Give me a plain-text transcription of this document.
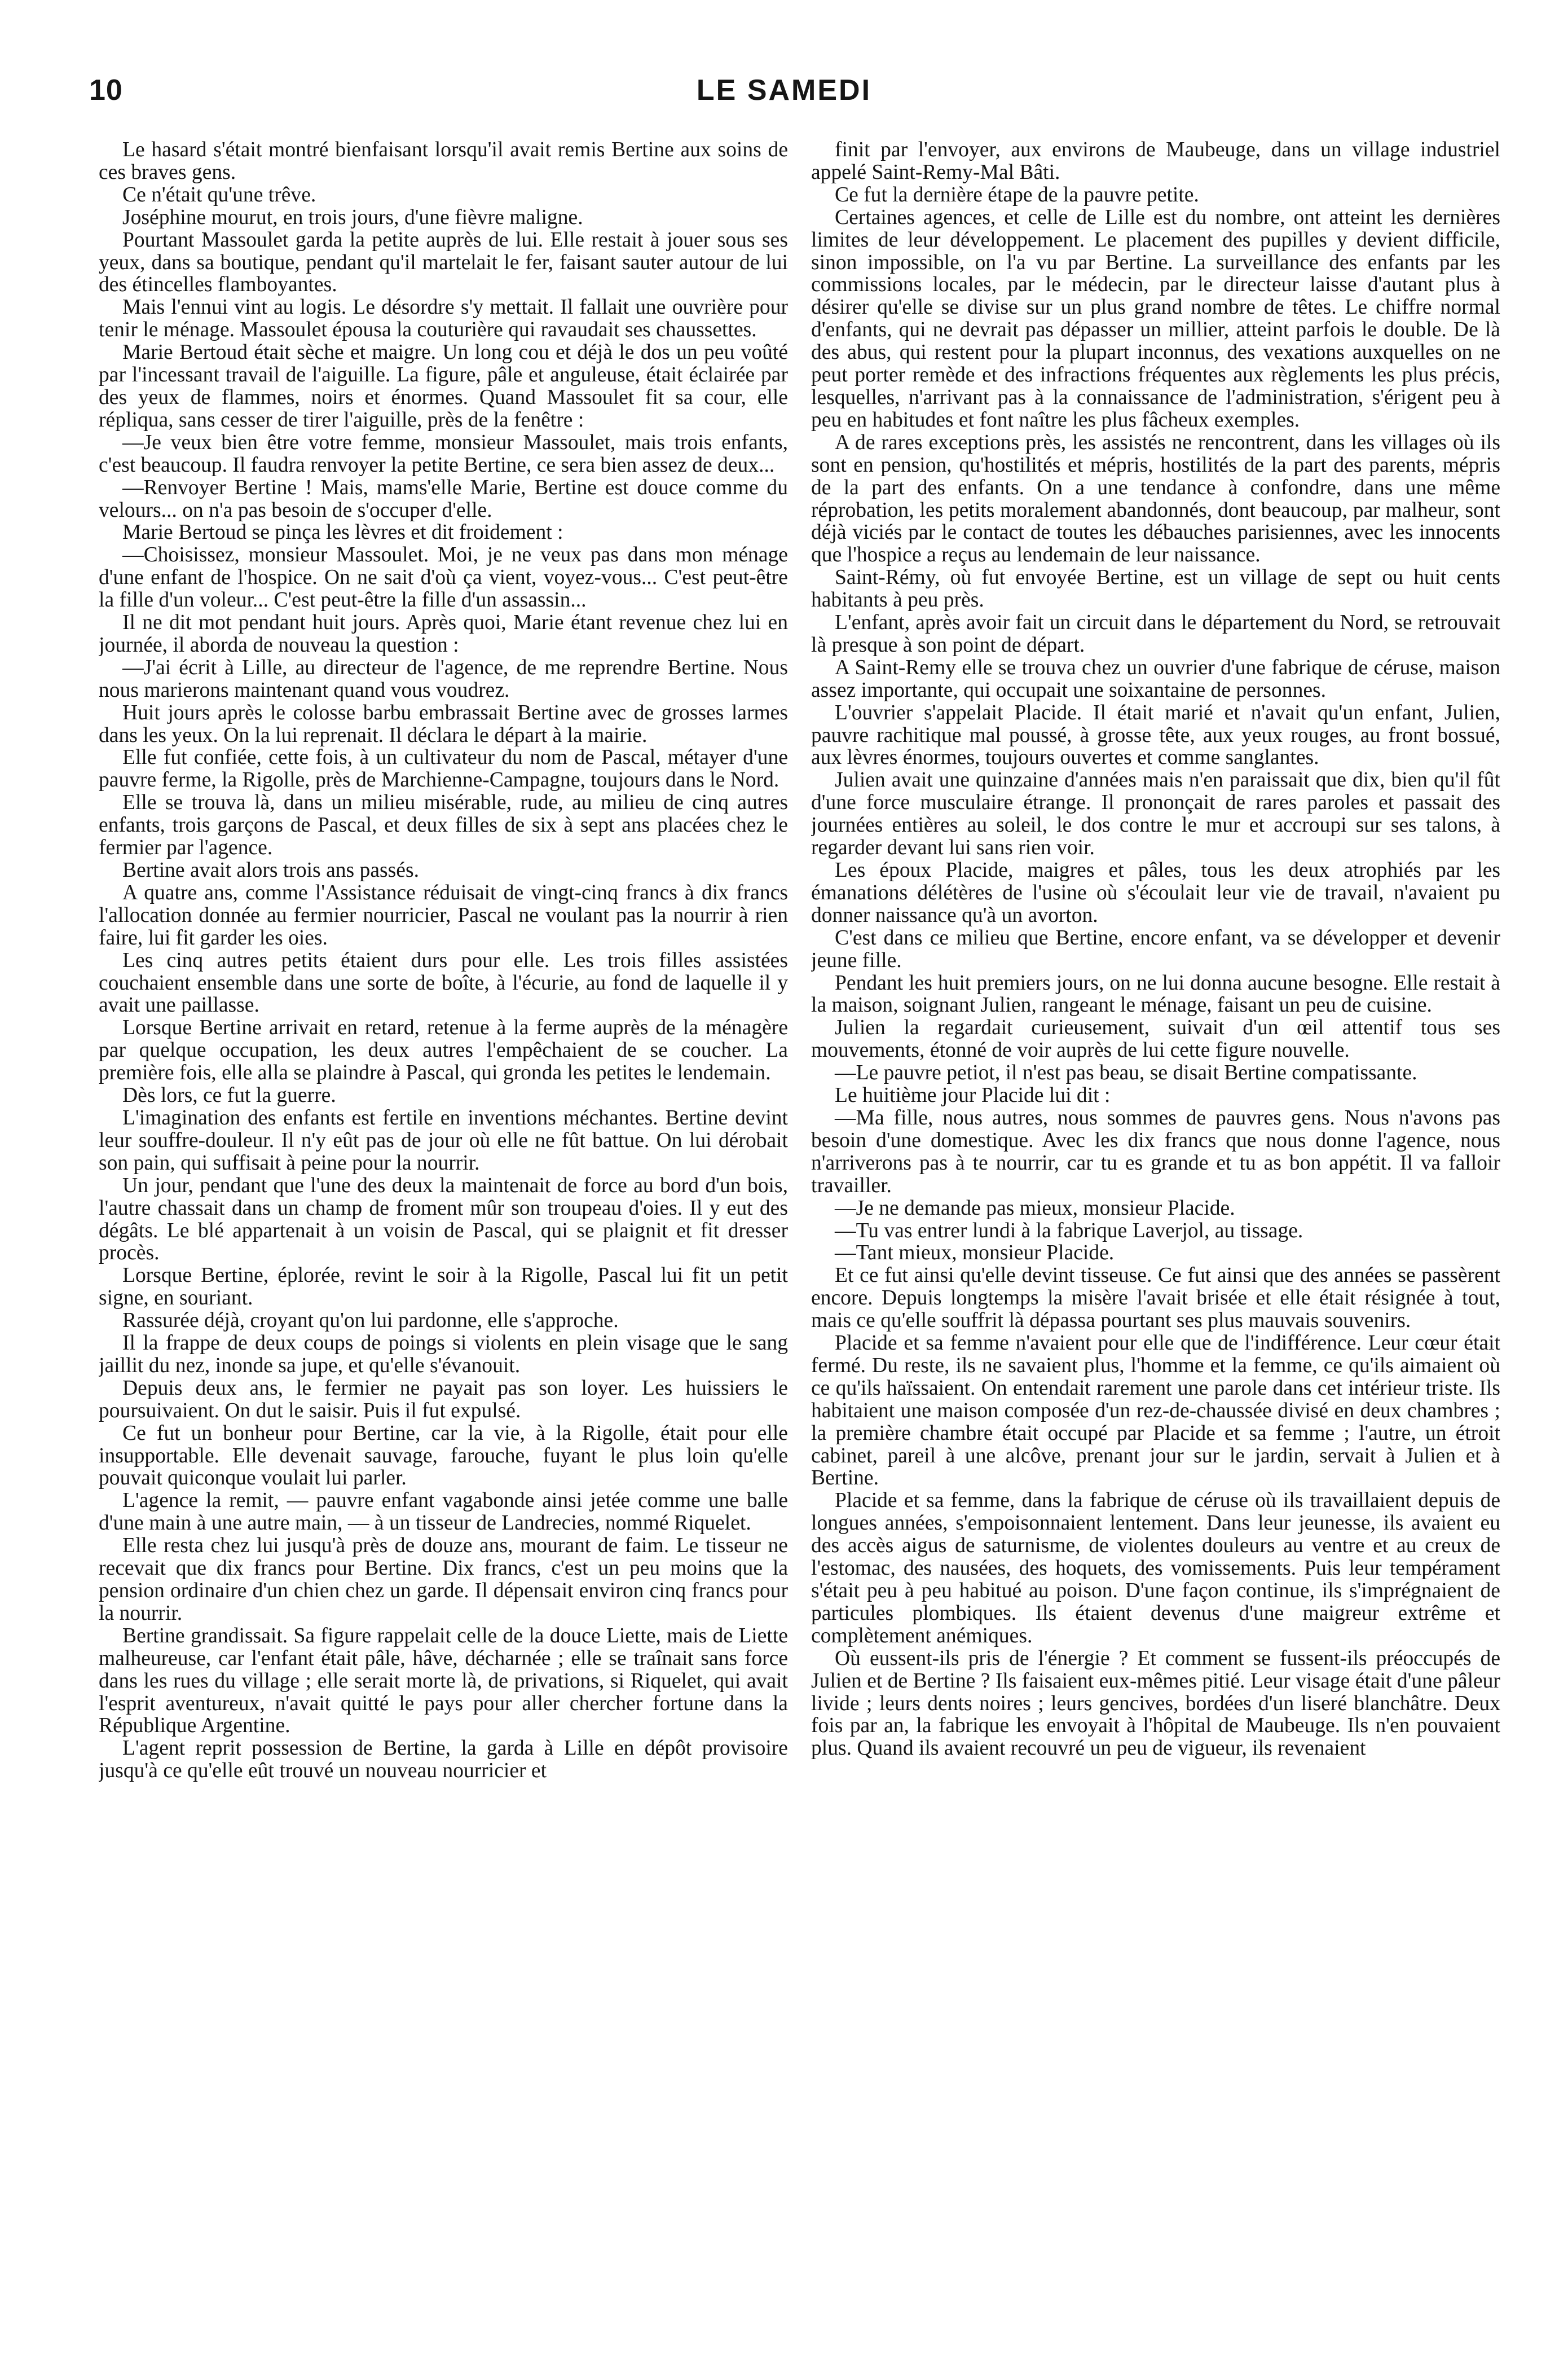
10	LE SAMEDI

Le hasard s'était montré bienfaisant lorsqu'il avait remis Bertine aux soins de ces braves gens.

Ce n'était qu'une trêve.

Joséphine mourut, en trois jours, d'une fièvre maligne.

Pourtant Massoulet garda la petite auprès de lui. Elle restait à jouer sous ses yeux, dans sa boutique, pendant qu'il martelait le fer, faisant sauter autour de lui des étincelles flamboyantes.

Mais l'ennui vint au logis. Le désordre s'y mettait. Il fallait une ouvrière pour tenir le ménage. Massoulet épousa la couturière qui ravaudait ses chaussettes.

Marie Bertoud était sèche et maigre. Un long cou et déjà le dos un peu voûté par l'incessant travail de l'aiguille. La figure, pâle et anguleuse, était éclairée par des yeux de flammes, noirs et énormes. Quand Massoulet fit sa cour, elle répliqua, sans cesser de tirer l'aiguille, près de la fenêtre :

—Je veux bien être votre femme, monsieur Massoulet, mais trois enfants, c'est beaucoup. Il faudra renvoyer la petite Bertine, ce sera bien assez de deux...

—Renvoyer Bertine ! Mais, mams'elle Marie, Bertine est douce comme du velours... on n'a pas besoin de s'occuper d'elle.

Marie Bertoud se pinça les lèvres et dit froidement :

—Choisissez, monsieur Massoulet. Moi, je ne veux pas dans mon ménage d'une enfant de l'hospice. On ne sait d'où ça vient, voyez-vous... C'est peut-être la fille d'un voleur... C'est peut-être la fille d'un assassin...

Il ne dit mot pendant huit jours. Après quoi, Marie étant revenue chez lui en journée, il aborda de nouveau la question :

—J'ai écrit à Lille, au directeur de l'agence, de me reprendre Bertine. Nous nous marierons maintenant quand vous voudrez.

Huit jours après le colosse barbu embrassait Bertine avec de grosses larmes dans les yeux. On la lui reprenait. Il déclara le départ à la mairie.

Elle fut confiée, cette fois, à un cultivateur du nom de Pascal, métayer d'une pauvre ferme, la Rigolle, près de Marchienne-Campagne, toujours dans le Nord.

Elle se trouva là, dans un milieu misérable, rude, au milieu de cinq autres enfants, trois garçons de Pascal, et deux filles de six à sept ans placées chez le fermier par l'agence.

Bertine avait alors trois ans passés.

A quatre ans, comme l'Assistance réduisait de vingt-cinq francs à dix francs l'allocation donnée au fermier nourricier, Pascal ne voulant pas la nourrir à rien faire, lui fit garder les oies.

Les cinq autres petits étaient durs pour elle. Les trois filles assistées couchaient ensemble dans une sorte de boîte, à l'écurie, au fond de laquelle il y avait une paillasse.

Lorsque Bertine arrivait en retard, retenue à la ferme auprès de la ménagère par quelque occupation, les deux autres l'empêchaient de se coucher. La première fois, elle alla se plaindre à Pascal, qui gronda les petites le lendemain.

Dès lors, ce fut la guerre.

L'imagination des enfants est fertile en inventions méchantes. Bertine devint leur souffre-douleur. Il n'y eût pas de jour où elle ne fût battue. On lui dérobait son pain, qui suffisait à peine pour la nourrir.

Un jour, pendant que l'une des deux la maintenait de force au bord d'un bois, l'autre chassait dans un champ de froment mûr son troupeau d'oies. Il y eut des dégâts. Le blé appartenait à un voisin de Pascal, qui se plaignit et fit dresser procès.

Lorsque Bertine, éplorée, revint le soir à la Rigolle, Pascal lui fit un petit signe, en souriant.

Rassurée déjà, croyant qu'on lui pardonne, elle s'approche.

Il la frappe de deux coups de poings si violents en plein visage que le sang jaillit du nez, inonde sa jupe, et qu'elle s'évanouit.

Depuis deux ans, le fermier ne payait pas son loyer. Les huissiers le poursuivaient. On dut le saisir. Puis il fut expulsé.

Ce fut un bonheur pour Bertine, car la vie, à la Rigolle, était pour elle insupportable. Elle devenait sauvage, farouche, fuyant le plus loin qu'elle pouvait quiconque voulait lui parler.

L'agence la remit, — pauvre enfant vagabonde ainsi jetée comme une balle d'une main à une autre main, — à un tisseur de Landrecies, nommé Riquelet.

Elle resta chez lui jusqu'à près de douze ans, mourant de faim. Le tisseur ne recevait que dix francs pour Bertine. Dix francs, c'est un peu moins que la pension ordinaire d'un chien chez un garde. Il dépensait environ cinq francs pour la nourrir.

Bertine grandissait. Sa figure rappelait celle de la douce Liette, mais de Liette malheureuse, car l'enfant était pâle, hâve, décharnée ; elle se traînait sans force dans les rues du village ; elle serait morte là, de privations, si Riquelet, qui avait l'esprit aventureux, n'avait quitté le pays pour aller chercher fortune dans la République Argentine.

L'agent reprit possession de Bertine, la garda à Lille en dépôt provisoire jusqu'à ce qu'elle eût trouvé un nouveau nourricier et

finit par l'envoyer, aux environs de Maubeuge, dans un village industriel appelé Saint-Remy-Mal Bâti.

Ce fut la dernière étape de la pauvre petite.

Certaines agences, et celle de Lille est du nombre, ont atteint les dernières limites de leur développement. Le placement des pupilles y devient difficile, sinon impossible, on l'a vu par Bertine. La surveillance des enfants par les commissions locales, par le médecin, par le directeur laisse d'autant plus à désirer qu'elle se divise sur un plus grand nombre de têtes. Le chiffre normal d'enfants, qui ne devrait pas dépasser un millier, atteint parfois le double. De là des abus, qui restent pour la plupart inconnus, des vexations auxquelles on ne peut porter remède et des infractions fréquentes aux règlements les plus précis, lesquelles, n'arrivant pas à la connaissance de l'administration, s'érigent peu à peu en habitudes et font naître les plus fâcheux exemples.

A de rares exceptions près, les assistés ne rencontrent, dans les villages où ils sont en pension, qu'hostilités et mépris, hostilités de la part des parents, mépris de la part des enfants. On a une tendance à confondre, dans une même réprobation, les petits moralement abandonnés, dont beaucoup, par malheur, sont déjà viciés par le contact de toutes les débauches parisiennes, avec les innocents que l'hospice a reçus au lendemain de leur naissance.

Saint-Rémy, où fut envoyée Bertine, est un village de sept ou huit cents habitants à peu près.

L'enfant, après avoir fait un circuit dans le département du Nord, se retrouvait là presque à son point de départ.

A Saint-Remy elle se trouva chez un ouvrier d'une fabrique de céruse, maison assez importante, qui occupait une soixantaine de personnes.

L'ouvrier s'appelait Placide. Il était marié et n'avait qu'un enfant, Julien, pauvre rachitique mal poussé, à grosse tête, aux yeux rouges, au front bossué, aux lèvres énormes, toujours ouvertes et comme sanglantes.

Julien avait une quinzaine d'années mais n'en paraissait que dix, bien qu'il fût d'une force musculaire étrange. Il prononçait de rares paroles et passait des journées entières au soleil, le dos contre le mur et accroupi sur ses talons, à regarder devant lui sans rien voir.

Les époux Placide, maigres et pâles, tous les deux atrophiés par les émanations délétères de l'usine où s'écoulait leur vie de travail, n'avaient pu donner naissance qu'à un avorton.

C'est dans ce milieu que Bertine, encore enfant, va se développer et devenir jeune fille.

Pendant les huit premiers jours, on ne lui donna aucune besogne. Elle restait à la maison, soignant Julien, rangeant le ménage, faisant un peu de cuisine.

Julien la regardait curieusement, suivait d'un œil attentif tous ses mouvements, étonné de voir auprès de lui cette figure nouvelle.

—Le pauvre petiot, il n'est pas beau, se disait Bertine compatissante.

Le huitième jour Placide lui dit :

—Ma fille, nous autres, nous sommes de pauvres gens. Nous n'avons pas besoin d'une domestique. Avec les dix francs que nous donne l'agence, nous n'arriverons pas à te nourrir, car tu es grande et tu as bon appétit. Il va falloir travailler.

—Je ne demande pas mieux, monsieur Placide.

—Tu vas entrer lundi à la fabrique Laverjol, au tissage.

—Tant mieux, monsieur Placide.

Et ce fut ainsi qu'elle devint tisseuse. Ce fut ainsi que des années se passèrent encore. Depuis longtemps la misère l'avait brisée et elle était résignée à tout, mais ce qu'elle souffrit là dépassa pourtant ses plus mauvais souvenirs.

Placide et sa femme n'avaient pour elle que de l'indifférence. Leur cœur était fermé. Du reste, ils ne savaient plus, l'homme et la femme, ce qu'ils aimaient où ce qu'ils haïssaient. On entendait rarement une parole dans cet intérieur triste. Ils habitaient une maison composée d'un rez-de-chaussée divisé en deux chambres ; la première chambre était occupé par Placide et sa femme ; l'autre, un étroit cabinet, pareil à une alcôve, prenant jour sur le jardin, servait à Julien et à Bertine.

Placide et sa femme, dans la fabrique de céruse où ils travaillaient depuis de longues années, s'empoisonnaient lentement. Dans leur jeunesse, ils avaient eu des accès aigus de saturnisme, de violentes douleurs au ventre et au creux de l'estomac, des nausées, des hoquets, des vomissements. Puis leur tempérament s'était peu à peu habitué au poison. D'une façon continue, ils s'imprégnaient de particules plombiques. Ils étaient devenus d'une maigreur extrême et complètement anémiques.

Où eussent-ils pris de l'énergie ? Et comment se fussent-ils préoccupés de Julien et de Bertine ? Ils faisaient eux-mêmes pitié. Leur visage était d'une pâleur livide ; leurs dents noires ; leurs gencives, bordées d'un liseré blanchâtre. Deux fois par an, la fabrique les envoyait à l'hôpital de Maubeuge. Ils n'en pouvaient plus. Quand ils avaient recouvré un peu de vigueur, ils revenaient
